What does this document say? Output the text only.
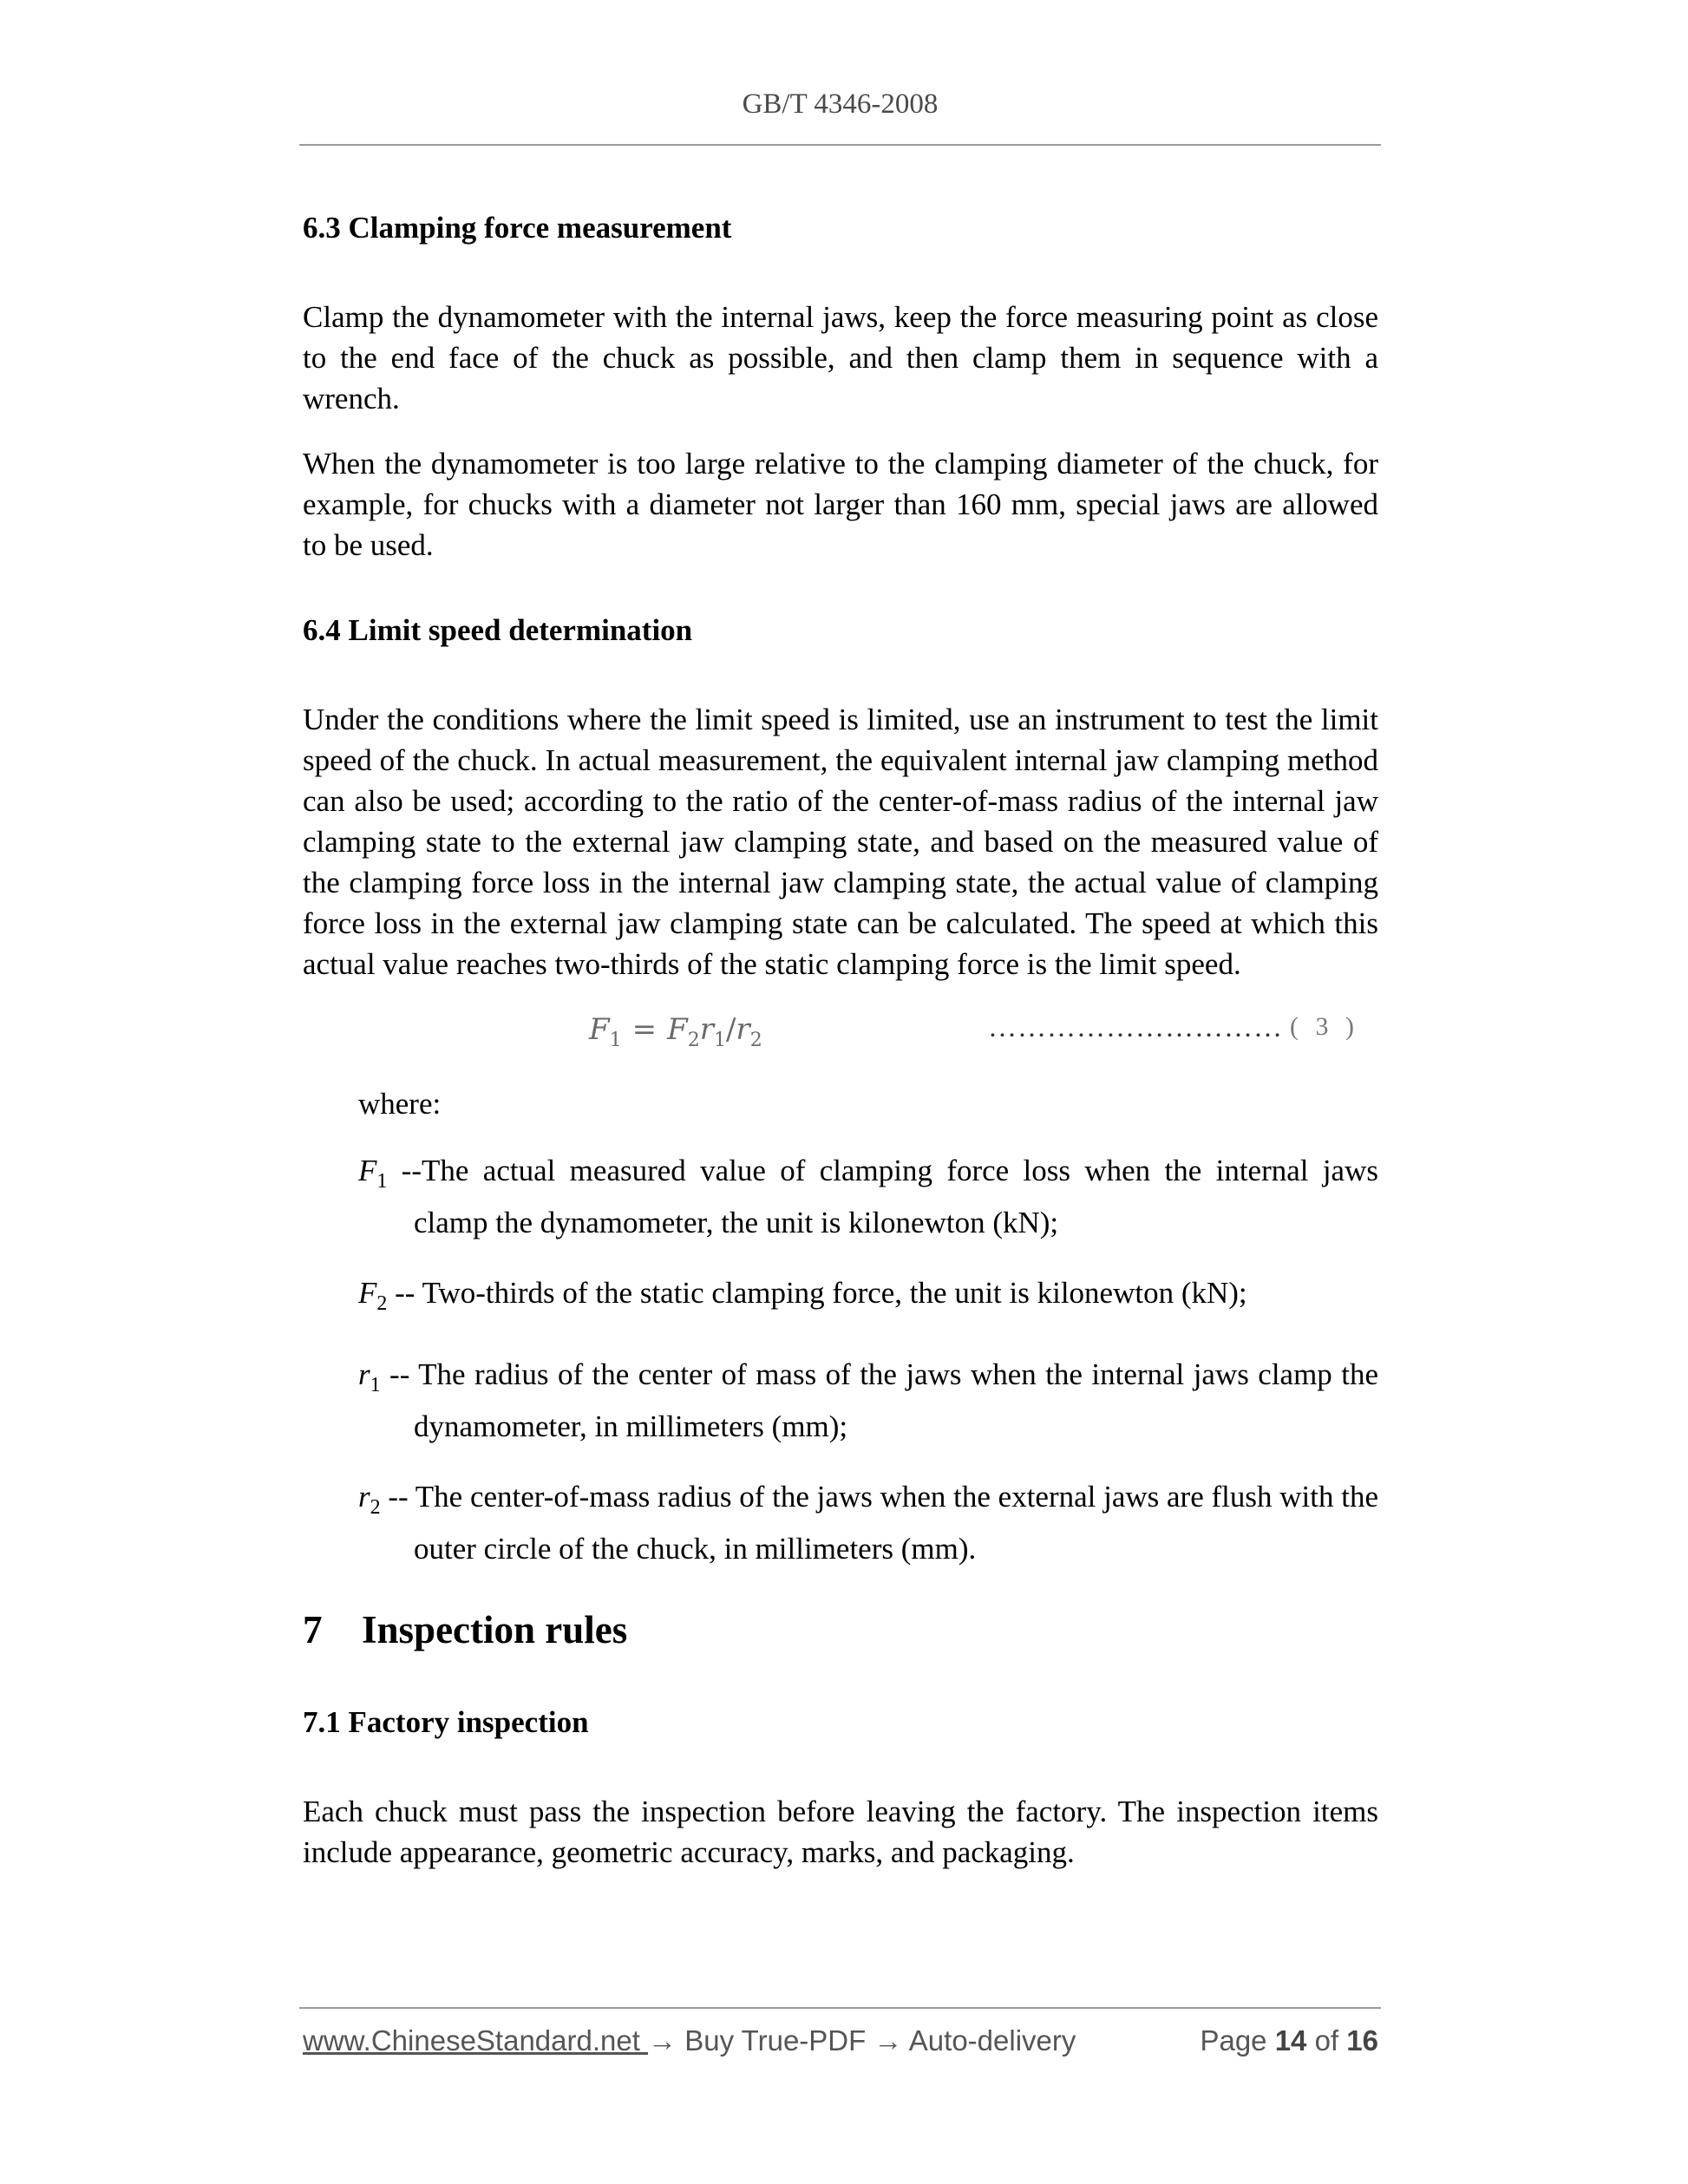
GB/T 4346-2008
6.3 Clamping force measurement

Clamp the dynamometer with the internal jaws, keep the force measuring point as close to the end face of the chuck as possible, and then clamp them in sequence with a wrench.

When the dynamometer is too large relative to the clamping diameter of the chuck, for example, for chucks with a diameter not larger than 160 mm, special jaws are allowed to be used.

6.4 Limit speed determination

Under the conditions where the limit speed is limited, use an instrument to test the limit speed of the chuck. In actual measurement, the equivalent internal jaw clamping method can also be used; according to the ratio of the center-of-mass radius of the internal jaw clamping state to the external jaw clamping state, and based on the measured value of the clamping force loss in the internal jaw clamping state, the actual value of clamping force loss in the external jaw clamping state can be calculated. The speed at which this actual value reaches two-thirds of the static clamping force is the limit speed.

$F_1 = F_2r_1/r_2$	………………………… ( 3 )
where:
$F_1$ --The actual measured value of clamping force loss when the internal jaws clamp the dynamometer, the unit is kilonewton (kN);
$F_2$ -- Two-thirds of the static clamping force, the unit is kilonewton (kN);
$r_1$ -- The radius of the center of mass of the jaws when the internal jaws clamp the dynamometer, in millimeters (mm);
$r_2$ -- The center-of-mass radius of the jaws when the external jaws are flush with the outer circle of the chuck, in millimeters (mm).
7 Inspection rules
7.1 Factory inspection

Each chuck must pass the inspection before leaving the factory. The inspection items include appearance, geometric accuracy, marks, and packaging.

www.ChineseStandard.net → Buy True-PDF → Auto-delivery	Page 14 of 16
